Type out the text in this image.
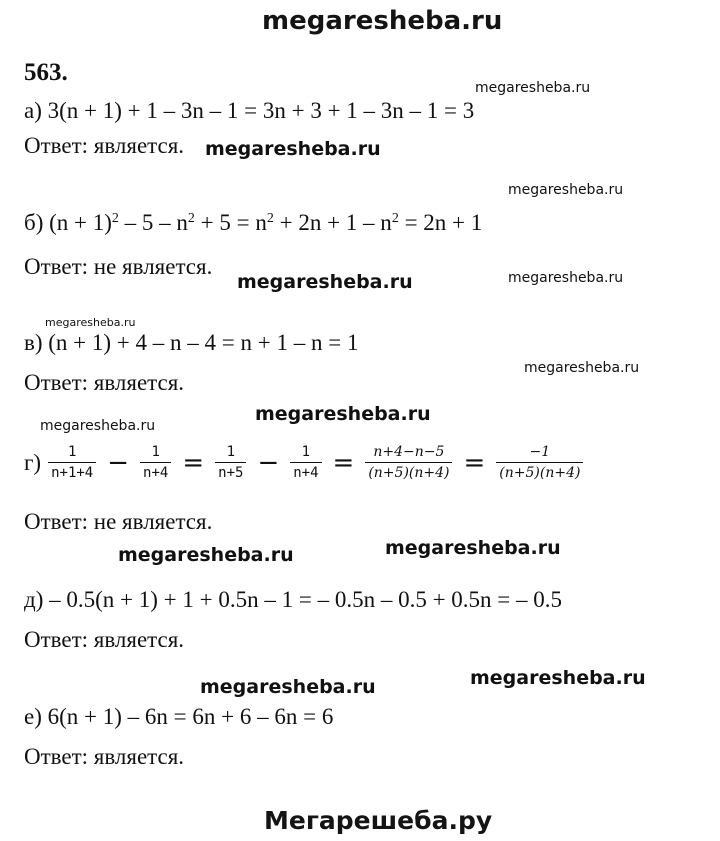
megaresheba.ru
563.
а) 3(n + 1) + 1 – 3n – 1 = 3n + 3 + 1 – 3n – 1 = 3
Ответ: является.
б) $(n + 1)^2 - 5 - n^2 + 5 = n^2 + 2n + 1 - n^2 = 2n + 1$
Ответ: не является.
в) (n + 1) + 4 – n – 4 = n + 1 – n = 1
Ответ: является.
$г) \frac{1}{n+1+4} - \frac{1}{n+4} = \frac{1}{n+5} - \frac{1}{n+4} = \frac{n+4-n-5}{(n+5)(n+4)} = \frac{-1}{(n+5)(n+4)}$
Ответ: не является.
д) – 0.5(n + 1) + 1 + 0.5n – 1 = – 0.5n – 0.5 + 0.5n = – 0.5
Ответ: является.
е) 6(n + 1) – 6n = 6n + 6 – 6n = 6
Ответ: является.
megaresheba.ru
megaresheba.ru
megaresheba.ru
megaresheba.ru
megaresheba.ru
megaresheba.ru
megaresheba.ru
megaresheba.ru
megaresheba.ru
megaresheba.ru	megaresheba.ru
megaresheba.ru	megaresheba.ru
Мегарешеба.ру
